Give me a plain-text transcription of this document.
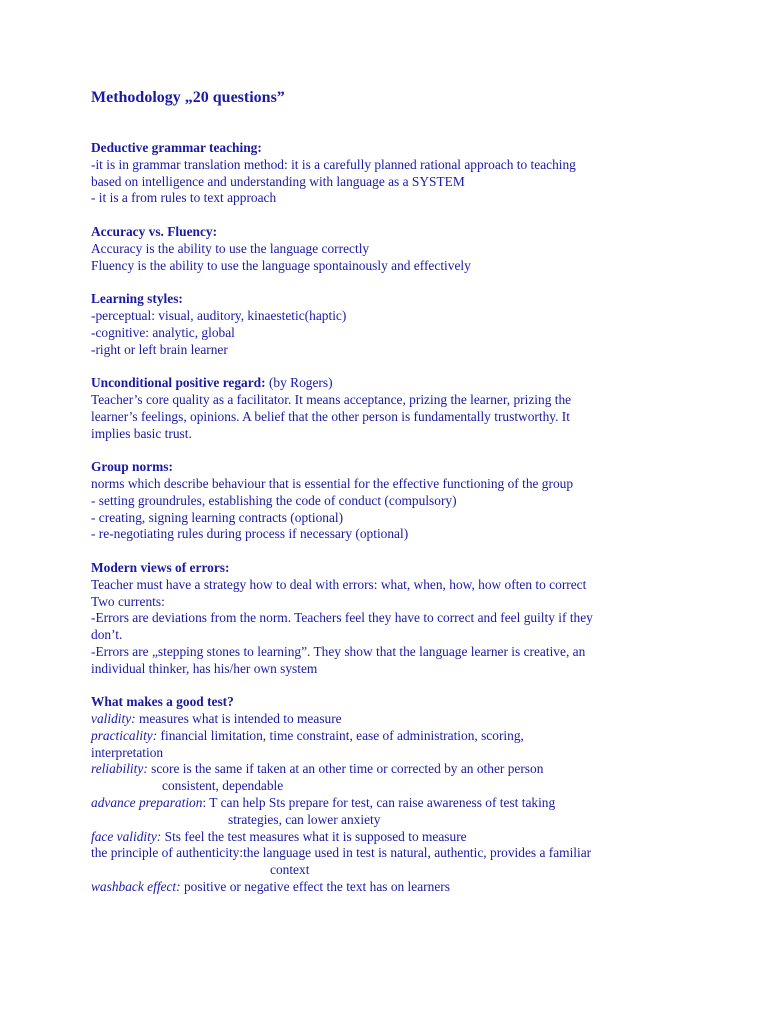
Methodology „20 questions”
Deductive grammar teaching:
-it is in grammar translation method: it is a carefully planned rational approach to teaching
based on intelligence and understanding with language as a SYSTEM
- it is a from rules to text approach
Accuracy vs. Fluency:
Accuracy is the ability to use the language correctly
Fluency is the ability to use the language spontainously and effectively
Learning styles:
-perceptual: visual, auditory, kinaestetic(haptic)
-cognitive: analytic, global
-right or left brain learner
Unconditional positive regard: (by Rogers)
Teacher’s core quality as a facilitator. It means acceptance, prizing the learner, prizing the
learner’s feelings, opinions. A belief that the other person is fundamentally trustworthy. It
implies basic trust.
Group norms:
norms which describe behaviour that is essential for the effective functioning of the group
- setting groundrules, establishing the code of conduct (compulsory)
- creating, signing learning contracts (optional)
- re-negotiating rules during process if necessary (optional)
Modern views of errors:
Teacher must have a strategy how to deal with errors: what, when, how, how often to correct
Two currents:
-Errors are deviations from the norm. Teachers feel they have to correct and feel guilty if they
don’t.
-Errors are „stepping stones to learning”. They show that the language learner is creative, an
individual thinker, has his/her own system
What makes a good test?
validity: measures what is intended to measure
practicality: financial limitation, time constraint, ease of administration, scoring,
interpretation
reliability: score is the same if taken at an other time or corrected by an other person
consistent, dependable
advance preparation: T can help Sts prepare for test, can raise awareness of test taking
strategies, can lower anxiety
face validity: Sts feel the test measures what it is supposed to measure
the principle of authenticity:the language used in test is natural, authentic, provides a familiar
context
washback effect: positive or negative effect the text has on learners
